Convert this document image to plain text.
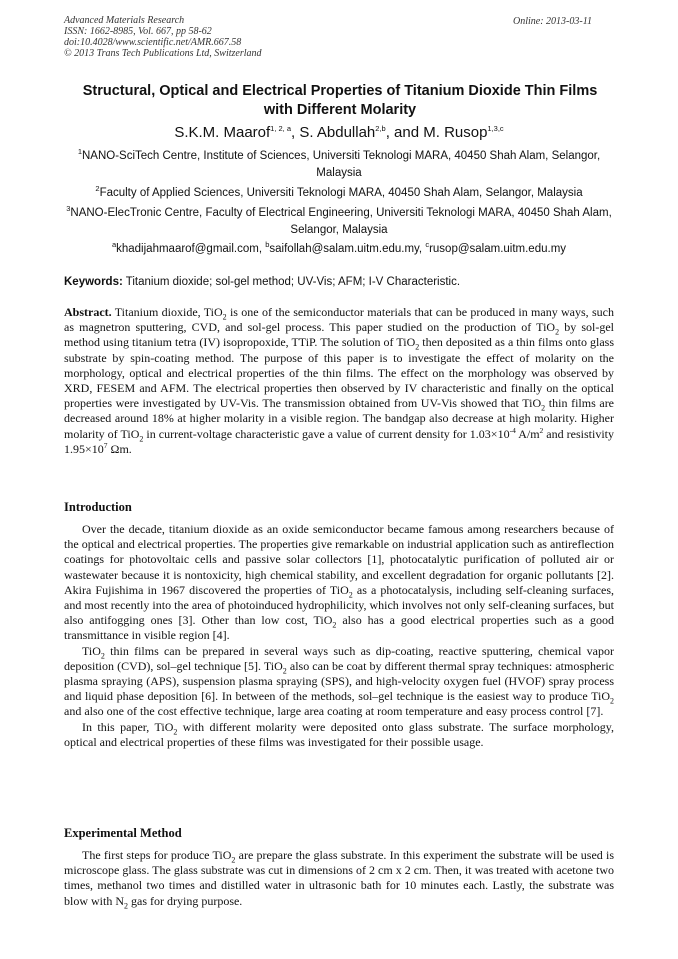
Advanced Materials Research
ISSN: 1662-8985, Vol. 667, pp 58-62
doi:10.4028/www.scientific.net/AMR.667.58
© 2013 Trans Tech Publications Ltd, Switzerland
Online: 2013-03-11
Structural, Optical and Electrical Properties of Titanium Dioxide Thin Films with Different Molarity
S.K.M. Maarof$^{1, 2, a}$, S. Abdullah$^{2,b}$, and M. Rusop$^{1,3,c}$
$^1$NANO-SciTech Centre, Institute of Sciences, Universiti Teknologi MARA, 40450 Shah Alam, Selangor, Malaysia
$^2$Faculty of Applied Sciences, Universiti Teknologi MARA, 40450 Shah Alam, Selangor, Malaysia
$^3$NANO-ElecTronic Centre, Faculty of Electrical Engineering, Universiti Teknologi MARA, 40450 Shah Alam, Selangor, Malaysia
$^a$khadijahmaarof@gmail.com, $^b$saifollah@salam.uitm.edu.my, $^c$rusop@salam.uitm.edu.my
Keywords: Titanium dioxide; sol-gel method; UV-Vis; AFM; I-V Characteristic.

Abstract. Titanium dioxide, TiO$_2$ is one of the semiconductor materials that can be produced in many ways, such as magnetron sputtering, CVD, and sol-gel process. This paper studied on the production of TiO$_2$ by sol-gel method using titanium tetra (IV) isopropoxide, TTiP. The solution of TiO$_2$ then deposited as a thin films onto glass substrate by spin-coating method. The purpose of this paper is to investigate the effect of molarity on the morphology, optical and electrical properties of the thin films. The effect on the morphology was observed by XRD, FESEM and AFM. The electrical properties then observed by IV characteristic and finally on the optical properties were investigated by UV-Vis. The transmission obtained from UV-Vis showed that TiO$_2$ thin films are decreased around 18% at higher molarity in a visible region. The bandgap also decrease at high molarity. Higher molarity of TiO$_2$ in current-voltage characteristic gave a value of current density for $1.03\times 10^{-4}$ $A/m^2$ and resistivity $1.95\times 10^7$ Ωm.

Introduction

Over the decade, titanium dioxide as an oxide semiconductor became famous among researchers because of the optical and electrical properties. The properties give remarkable on industrial application such as antireflection coatings for photovoltaic cells and passive solar collectors [1], photocatalytic purification of polluted air or wastewater because it is nontoxicity, high chemical stability, and excellent degradation for organic pollutants [2]. Akira Fujishima in 1967 discovered the properties of TiO$_2$ as a photocatalysis, including self-cleaning surfaces, and most recently into the area of photoinduced hydrophilicity, which involves not only self-cleaning surfaces, but also antifogging ones [3]. Other than low cost, TiO$_2$ also has a good electrical properties such as a good transmittance in visible region [4].

TiO$_2$ thin films can be prepared in several ways such as dip-coating, reactive sputtering, chemical vapor deposition (CVD), sol–gel technique [5]. TiO$_2$ also can be coat by different thermal spray techniques: atmospheric plasma spraying (APS), suspension plasma spraying (SPS), and high-velocity oxygen fuel (HVOF) spray process and liquid phase deposition [6]. In between of the methods, sol–gel technique is the easiest way to produce TiO$_2$ and also one of the cost effective technique, large area coating at room temperature and easy process control [7].

In this paper, TiO$_2$ with different molarity were deposited onto glass substrate. The surface morphology, optical and electrical properties of these films was investigated for their possible usage.

Experimental Method

The first steps for produce TiO$_2$ are prepare the glass substrate. In this experiment the substrate will be used is microscope glass. The glass substrate was cut in dimensions of 2 cm x 2 cm. Then, it was treated with acetone two times, methanol two times and distilled water in ultrasonic bath for 10 minutes each. Lastly, the substrate was blow with $N_2$ gas for drying purpose.
